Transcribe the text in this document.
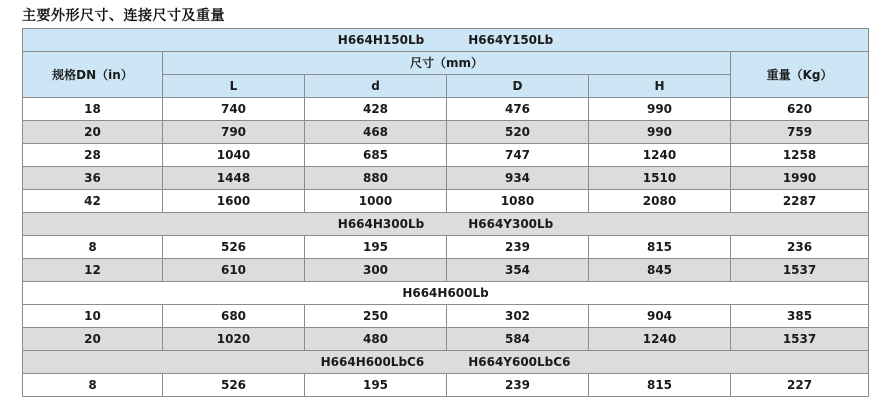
主要外形尺寸、连接尺寸及重量
H664H150Lb H664Y150Lb					
规格DN（in）	尺寸（mm）				重量（Kg）
	L	d	D	H	
18	740	428	476	990	620
20	790	468	520	990	759
28	1040	685	747	1240	1258
36	1448	880	934	1510	1990
42	1600	1000	1080	2080	2287
H664H300Lb H664Y300Lb					
8	526	195	239	815	236
12	610	300	354	845	1537
H664H600Lb					
10	680	250	302	904	385
20	1020	480	584	1240	1537
H664H600LbC6 H664Y600LbC6					
8	526	195	239	815	227
